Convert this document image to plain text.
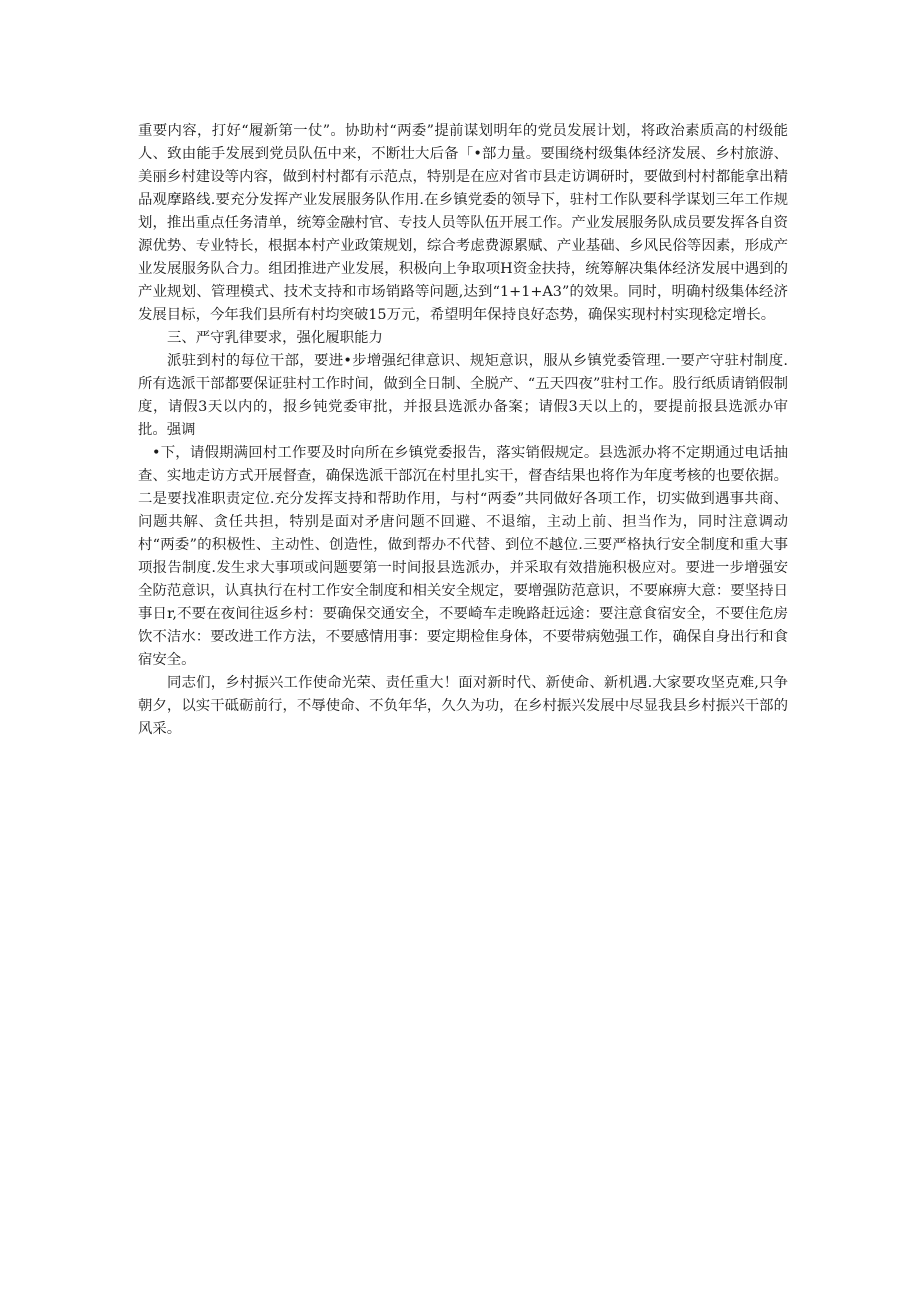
重要内容，打好“履新第一仗”。协助村“两委”提前谋划明年的党员发展计划，将政治素质高的村级能人、致由能手发展到党员队伍中来，不断壮大后备「•部力量。要围绕村级集体经济发展、乡村旅游、美丽乡村建设等内容，做到村村都有示范点，特别是在应对省市县走访调研时，要做到村村都能拿出精品观摩路线.要充分发挥产业发展服务队作用.在乡镇党委的领导下，驻村工作队要科学谋划三年工作规划，推出重点任务清单，统筹金融村官、专技人员等队伍开展工作。产业发展服务队成员要发挥各自资源优势、专业特长，根据本村产业政策规划，综合考虑费源累赋、产业基础、乡风民俗等因素，形成产业发展服务队合力。组团推进产业发展，积极向上争取项H资金扶持，统筹解决集体经济发展中遇到的产业规划、管理模式、技术支持和市场销路等问题,达到“1+1+A3”的效果。同时，明确村级集体经济发展目标，今年我们县所有村均突破15万元，希望明年保持良好态势，确保实现村村实现稔定增长。

三、严守乳律要求，强化履职能力

派驻到村的每位干部，要进•步增强纪律意识、规矩意识，服从乡镇党委管理.一要产守驻村制度.所有选派干部都要保证驻村工作时间，做到全日制、全脱产、“五天四夜”驻村工作。股行纸质请销假制度，请假3天以内的，报乡钝党委审批，并报县选派办备案；请假3天以上的，要提前报县选派办审批。强调

•下，请假期满回村工作要及时向所在乡镇党委报告，落实销假规定。县选派办将不定期通过电话抽查、实地走访方式开展督查，确保选派干部沉在村里扎实干，督杳结果也将作为年度考核的也要依据。二是要找准职责定位.充分发挥支持和帮助作用，与村“两委”共同做好各项工作，切实做到遇事共商、问题共解、贪任共担，特别是面对矛唐问题不回避、不退缩，主动上前、担当作为，同时注意调动村“两委”的积极性、主动性、创造性，做到帮办不代替、到位不越位.三要严格执行安全制度和重大事项报告制度.发生求大事项或问题要第一时间报县选派办，并采取有效措施积极应对。要进一步增强安全防范意识，认真执行在村工作安全制度和相关安全规定，要增强防范意识，不要麻痹大意：要坚持日事日r,不要在夜间往返乡村：要确保交通安全，不要崎车走晚路赶远途：要注意食宿安全，不要住危房饮不洁水：要改进工作方法，不要感情用事：要定期检隹身体，不要带病勉强工作，确保自身出行和食宿安全。

同志们，乡村振兴工作使命光荣、责任重大！面对新时代、新使命、新机遇.大家要攻坚克难,只争朝夕，以实干砥砺前行，不辱使命、不负年华，久久为功，在乡村振兴发展中尽显我县乡村振兴干部的风采。
